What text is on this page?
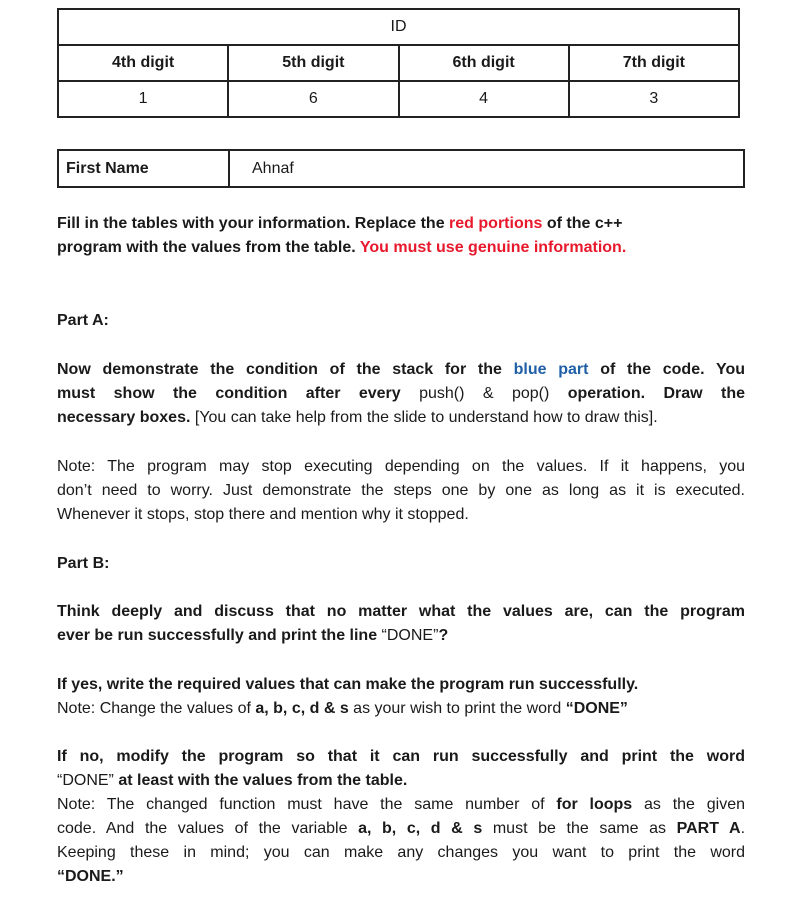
ID			
4th digit	5th digit	6th digit	7th digit
1	6	4	3
First Name	Ahnaf
Fill in the tables with your information. Replace the red portions of the c++
program with the values from the table. You must use genuine information.
Part A:
Now demonstrate the condition of the stack for the blue part of the code. You
must show the condition after every push() & pop() operation. Draw the
necessary boxes. [You can take help from the slide to understand how to draw this].
Note: The program may stop executing depending on the values. If it happens, you
don’t need to worry. Just demonstrate the steps one by one as long as it is executed.
Whenever it stops, stop there and mention why it stopped.
Part B:
Think deeply and discuss that no matter what the values are, can the program
ever be run successfully and print the line “DONE”?
If yes, write the required values that can make the program run successfully.
Note: Change the values of a, b, c, d & s as your wish to print the word “DONE”
If no, modify the program so that it can run successfully and print the word
“DONE” at least with the values from the table.
Note: The changed function must have the same number of for loops as the given
code. And the values of the variable a, b, c, d & s must be the same as PART A.
Keeping these in mind; you can make any changes you want to print the word
“DONE.”
